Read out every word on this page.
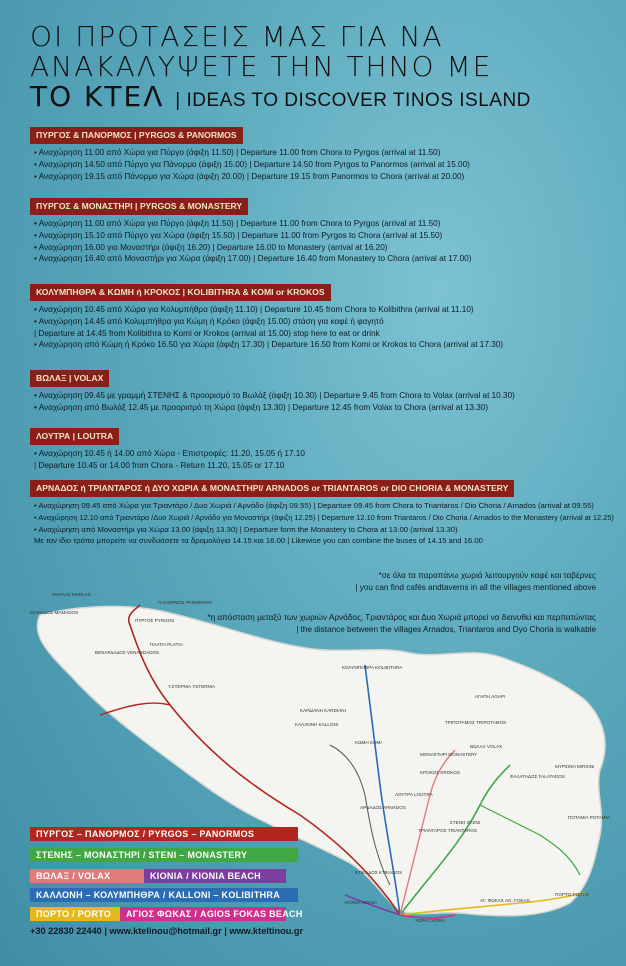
ΟΙ ΠΡΟΤΑΣΕΙΣ ΜΑΣ ΓΙΑ ΝΑ
ΑΝΑΚΑΛΥΨΕΤΕ ΤΗΝ ΤΗΝΟ ΜΕ
ΤΟ ΚΤΕΛ | IDEAS TO DISCOVER TINOS ISLAND
ΠΥΡΓΟΣ & ΠΑΝΟΡΜΟΣ | PYRGOS & PANORMOS
• Αναχώρηση 11.00 από Χώρα για Πύργο (άφιξη 11.50) | Departure 11.00 from Chora to Pyrgos (arrival at 11.50)
• Αναχώρηση 14.50 από Πύργο για Πάνορμο (άφιξη 15.00) | Departure 14.50 from Pyrgos to Panormos (arrival at 15.00)
• Αναχώρηση 19.15 από Πάνορμο για Χώρα (άφιξη 20.00) | Departure 19.15 from Panormos to Chora (arrival at 20.00)
ΠΥΡΓΟΣ & ΜΟΝΑΣΤΗΡΙ | PYRGOS & MONASTERY
• Αναχώρηση 11.00 από Χώρα για Πύργο (άφιξη 11.50) | Departure 11.00 from Chora to Pyrgos (arrival at 11.50)
• Αναχώρηση 15.10 από Πύργο για Χώρα (άφιξη 15.50) | Departure 11.00 from Pyrgos to Chora (arrival at 15.50)
• Αναχώρηση 16.00 για Μοναστήρι (άφιξη 16.20) | Departure 16.00 to Monastery (arrival at 16.20)
• Αναχώρηση 16.40 από Μοναστήρι για Χώρα (άφιξη 17.00) | Departure 16.40 from Monastery to Chora (arrival at 17.00)
ΚΟΛΥΜΠΗΘΡΑ & ΚΩΜΗ ή ΚΡΟΚΟΣ | KOLIBITHRA & KOMI or KROKOS
• Αναχώρηση 10.45 από Χώρα για Κολυμπήθρα (άφιξη 11.10) | Departure 10.45 from Chora to Kolibithra (arrival at 11.10)
• Αναχώρηση 14.45 από Κολυμπήθρα για Κώμη ή Κρόκο (άφιξη 15.00) στάση για καφέ ή φαγητό
| Departure at 14.45 from Kolibithra to Komi or Krokos (arrival at 15.00) stop here to eat or drink
• Αναχώρηση από Κώμη ή Κρόκο 16.50 για Χώρα (άφιξη 17.30) | Departure 16.50 from Komi or Krokos to Chora (arrival at 17.30)
ΒΩΛΑΞ | VOLAX
• Αναχώρηση 09.45 με γραμμή ΣΤΕΝΗΣ & προορισμό το Βωλάξ (άφιξη 10.30) | Departure 9.45 from Chora to Volax (arrival at 10.30)
• Αναχώρηση από Βωλάξ 12.45 με προορισμό τη Χώρα (άφιξη 13.30) | Departure 12.45 from Volax to Chora (arrival at 13.30)
ΛΟΥΤΡΑ | LOUTRA
• Αναχώρηση 10.45 ή 14.00 από Χώρα - Επιστροφές: 11.20, 15.05 ή 17.10
| Departure 10.45 or 14.00 from Chora - Return 11.20, 15.05 or 17.10
ΑΡΝΑΔΟΣ ή ΤΡΙΑΝΤΑΡΟΣ ή ΔΥΟ ΧΩΡΙΑ & ΜΟΝΑΣΤΗΡΙ/ ARNADOS or TRIANTAROS or DIO CHORIA & MONASTERY
• Αναχώρηση 09.45 από Χώρα για Τριαντάρο / Δυο Χωριά / Αρνάδο (άφιξη 09.55) | Departure 09.45 from Chora to Triantaros / Dio Choria / Arnados (arrival at 09.55)
• Αναχώρηση 12.10 από Τριαντάρο /Δυο Χωριά / Αρνάδο για Μοναστήρι (άφιξη 12.25) | Departure 12.10 from Triantaros / Dio Choria / Arnados to the Monastery (arrival at 12.25)
• Αναχώρηση από Μοναστήρι για Χώρα 13.00 (άφιξη 13.30) | Departure form the Monastery to Chora at 13.00 (arrival 13.30)
Με τον ίδιο τρόπο μπορείτε να συνδυάσετε τα δρομολόγια 14.15 και 16.00 | Likewise you can combine the buses of 14.15 and 16.00
*σε όλα τα παραπάνω χωριά λειτουργούν καφέ και ταβέρνες
| you can find cafés andtaverns in all the villages mentioned above
*η απόσταση μεταξύ των χωριών Αρνάδος, Τριαντάρος και Δυο Χωριά μπορεί να διανυθεί και περπατώντας
| the distance between the villages Arnados, Triantaros and Dyo Choria is walkable
ΜΑΡΛΑΣ MARLAS
ΠΑΝΟΡΜΟΣ PANORMOS
ΜΑΜΑΔΟΣ MAMADOS
ΠΥΡΓΟΣ PYRGOS
ΠΛΑΤΙΑ PLATIA
ΒΕΝΑΡΔΑΔΟΣ VENARDADOS
Υ.ΣΤΕΡΝΙΑ YSTERNIA
ΚΑΡΔΙΑΝΗ KARDIANI
ΚΑΛΛΟΝΗ KALLONI
ΚΟΛΥΜΠΗΘΡΑ KOLIBITHRA
ΚΩΜΗ KOMI
ΚΡΟΚΟΣ KROKOS
ΒΩΛΑΞ VOLAX
ΜΟΝΑΣΤΗΡΙ MONASTERY
ΣΤΕΝΗ STENI
ΑΡΝΑΔΟΣ ARNADOS
ΠΟΤΑΜΙΑ POTAMIA
ΤΡΙΑΝΤΑΡΟΣ TRIANTAROS
ΚΤΙΚΑΔΟΣ KTIKADOS
ΚΙΟΝΙΑ KIONIA
ΧΩΡΑ CHORA
ΠΟΡΤΟ PORTO
ΑΓ. ΦΩΚΑΣ AG. FOKAS
ΦΑΛΑΤΑΔΟΣ FALATADOS
ΜΥΡΣΙΝΗ MIRSINI
ΤΡΙΠΟΤΑΜΟΣ TRIPOTAMOS
ΑΓΑΠΗ AGAPI
ΛΟΥΤΡΑ LOUTRA
ΠΥΡΓΟΣ – ΠΑΝΟΡΜΟΣ / PYRGOS – PANORMOS
ΣΤΕΝΗΣ – ΜΟΝΑΣΤΗΡΙ / STENI – MONASTERY
ΒΩΛΑΞ / VOLAX	ΚΙΟΝΙΑ / KIONIA BEACH
ΚΑΛΛΟΝΗ – ΚΟΛΥΜΠΗΘΡΑ / KALLONI – KOLIBITHRA
ΠΟΡΤΟ / PORTO	ΑΓΙΟΣ ΦΩΚΑΣ / AGIOS FOKAS BEACH
+30 22830 22440 | www.ktelinou@hotmail.gr | www.kteltinou.gr
